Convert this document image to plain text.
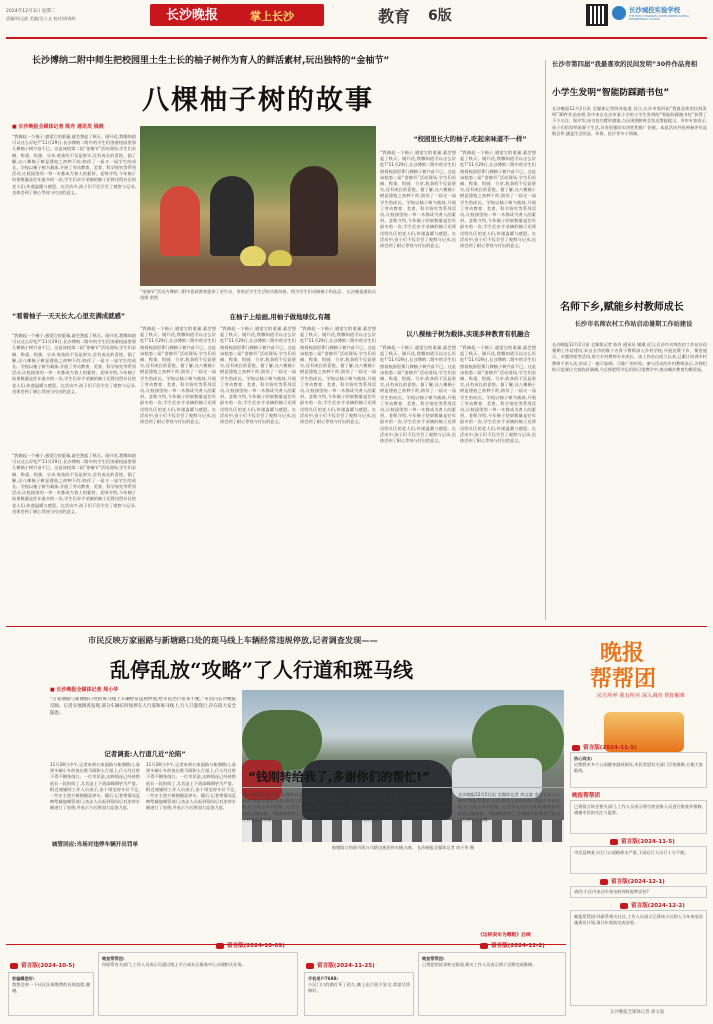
2024年12月3日 星期二
责编/胡文波 美编/吴立文 校对/周春晖	长沙晚报	掌上长沙	教育 6版	长沙城投实验学校
THE FIRST CHANGSHA STATE-OWNED CAPITAL EXPERIMENTAL SCHOOL
长沙博纳二附中师生把校园里土生土长的柚子树作为育人的鲜活素材,玩出独特的“金柚节”
八棵柚子树的故事
■ 长沙晚报全媒体记者 陈舟 通讯员 钱维
“我摘起一个柚子,感觉它的重量,就会想起了秋天。刚开花,我哪知道可以这么好吃?”11月29日,长沙博纳二附中的学生们围着校园里那几棵柚子树兴奋不已。这是该校第二届“金柚节”活动现场,学生们采摘、称重、绘画、分享,收获的不仅是果实,还有成长的喜悦。据了解,这八棵柚子树是建校之初种下的,陪伴了一届又一届学生的成长。学校以柚子树为载体,开展了劳动教育、美育、科学探究等系列活动,让校园里的一草一木都成为育人的素材。老师介绍,今年柚子结果数量是往年最多的一次,学生们亲手采摘的柚子还将送给社区的老人们,传递温暖与感恩。在活动中,孩子们不仅学会了观察与记录,也体会到了耐心等待与付出的意义。
“看着柚子一天天长大,心里充满成就感”
“我摘起一个柚子,感觉它的重量,就会想起了秋天。刚开花,我哪知道可以这么好吃?”11月29日,长沙博纳二附中的学生们围着校园里那几棵柚子树兴奋不已。这是该校第二届“金柚节”活动现场,学生们采摘、称重、绘画、分享,收获的不仅是果实,还有成长的喜悦。据了解,这八棵柚子树是建校之初种下的,陪伴了一届又一届学生的成长。学校以柚子树为载体,开展了劳动教育、美育、科学探究等系列活动,让校园里的一草一木都成为育人的素材。老师介绍,今年柚子结果数量是往年最多的一次,学生们亲手采摘的柚子还将送给社区的老人们,传递温暖与感恩。在活动中,孩子们不仅学会了观察与记录,也体会到了耐心等待与付出的意义。
“我摘起一个柚子,感觉它的重量,就会想起了秋天。刚开花,我哪知道可以这么好吃?”11月29日,长沙博纳二附中的学生们围着校园里那几棵柚子树兴奋不已。这是该校第二届“金柚节”活动现场,学生们采摘、称重、绘画、分享,收获的不仅是果实,还有成长的喜悦。据了解,这八棵柚子树是建校之初种下的,陪伴了一届又一届学生的成长。学校以柚子树为载体,开展了劳动教育、美育、科学探究等系列活动,让校园里的一草一木都成为育人的素材。老师介绍,今年柚子结果数量是往年最多的一次,学生们亲手采摘的柚子还将送给社区的老人们,传递温暖与感恩。在活动中,孩子们不仅学会了观察与记录,也体会到了耐心等待与付出的意义。
“金柚节”活动为博纳二附中思政教育提供了更生动、更贴近学生生活的实践场景。图为学生们采摘柚子和品尝。 长沙晚报通讯员 钱维 供图
在柚子上绘画,用柚子做地球仪,有趣
“我摘起一个柚子,感觉它的重量,就会想起了秋天。刚开花,我哪知道可以这么好吃?”11月29日,长沙博纳二附中的学生们围着校园里那几棵柚子树兴奋不已。这是该校第二届“金柚节”活动现场,学生们采摘、称重、绘画、分享,收获的不仅是果实,还有成长的喜悦。据了解,这八棵柚子树是建校之初种下的,陪伴了一届又一届学生的成长。学校以柚子树为载体,开展了劳动教育、美育、科学探究等系列活动,让校园里的一草一木都成为育人的素材。老师介绍,今年柚子结果数量是往年最多的一次,学生们亲手采摘的柚子还将送给社区的老人们,传递温暖与感恩。在活动中,孩子们不仅学会了观察与记录,也体会到了耐心等待与付出的意义。
“我摘起一个柚子,感觉它的重量,就会想起了秋天。刚开花,我哪知道可以这么好吃?”11月29日,长沙博纳二附中的学生们围着校园里那几棵柚子树兴奋不已。这是该校第二届“金柚节”活动现场,学生们采摘、称重、绘画、分享,收获的不仅是果实,还有成长的喜悦。据了解,这八棵柚子树是建校之初种下的,陪伴了一届又一届学生的成长。学校以柚子树为载体,开展了劳动教育、美育、科学探究等系列活动,让校园里的一草一木都成为育人的素材。老师介绍,今年柚子结果数量是往年最多的一次,学生们亲手采摘的柚子还将送给社区的老人们,传递温暖与感恩。在活动中,孩子们不仅学会了观察与记录,也体会到了耐心等待与付出的意义。
“我摘起一个柚子,感觉它的重量,就会想起了秋天。刚开花,我哪知道可以这么好吃?”11月29日,长沙博纳二附中的学生们围着校园里那几棵柚子树兴奋不已。这是该校第二届“金柚节”活动现场,学生们采摘、称重、绘画、分享,收获的不仅是果实,还有成长的喜悦。据了解,这八棵柚子树是建校之初种下的,陪伴了一届又一届学生的成长。学校以柚子树为载体,开展了劳动教育、美育、科学探究等系列活动,让校园里的一草一木都成为育人的素材。老师介绍,今年柚子结果数量是往年最多的一次,学生们亲手采摘的柚子还将送给社区的老人们,传递温暖与感恩。在活动中,孩子们不仅学会了观察与记录,也体会到了耐心等待与付出的意义。
“校园里长大的柚子,吃起来味道不一样”
“我摘起一个柚子,感觉它的重量,就会想起了秋天。刚开花,我哪知道可以这么好吃?”11月29日,长沙博纳二附中的学生们围着校园里那几棵柚子树兴奋不已。这是该校第二届“金柚节”活动现场,学生们采摘、称重、绘画、分享,收获的不仅是果实,还有成长的喜悦。据了解,这八棵柚子树是建校之初种下的,陪伴了一届又一届学生的成长。学校以柚子树为载体,开展了劳动教育、美育、科学探究等系列活动,让校园里的一草一木都成为育人的素材。老师介绍,今年柚子结果数量是往年最多的一次,学生们亲手采摘的柚子还将送给社区的老人们,传递温暖与感恩。在活动中,孩子们不仅学会了观察与记录,也体会到了耐心等待与付出的意义。
“我摘起一个柚子,感觉它的重量,就会想起了秋天。刚开花,我哪知道可以这么好吃?”11月29日,长沙博纳二附中的学生们围着校园里那几棵柚子树兴奋不已。这是该校第二届“金柚节”活动现场,学生们采摘、称重、绘画、分享,收获的不仅是果实,还有成长的喜悦。据了解,这八棵柚子树是建校之初种下的,陪伴了一届又一届学生的成长。学校以柚子树为载体,开展了劳动教育、美育、科学探究等系列活动,让校园里的一草一木都成为育人的素材。老师介绍,今年柚子结果数量是往年最多的一次,学生们亲手采摘的柚子还将送给社区的老人们,传递温暖与感恩。在活动中,孩子们不仅学会了观察与记录,也体会到了耐心等待与付出的意义。
以八棵柚子树为载体,实现多种教育有机融合
“我摘起一个柚子,感觉它的重量,就会想起了秋天。刚开花,我哪知道可以这么好吃?”11月29日,长沙博纳二附中的学生们围着校园里那几棵柚子树兴奋不已。这是该校第二届“金柚节”活动现场,学生们采摘、称重、绘画、分享,收获的不仅是果实,还有成长的喜悦。据了解,这八棵柚子树是建校之初种下的,陪伴了一届又一届学生的成长。学校以柚子树为载体,开展了劳动教育、美育、科学探究等系列活动,让校园里的一草一木都成为育人的素材。老师介绍,今年柚子结果数量是往年最多的一次,学生们亲手采摘的柚子还将送给社区的老人们,传递温暖与感恩。在活动中,孩子们不仅学会了观察与记录,也体会到了耐心等待与付出的意义。
“我摘起一个柚子,感觉它的重量,就会想起了秋天。刚开花,我哪知道可以这么好吃?”11月29日,长沙博纳二附中的学生们围着校园里那几棵柚子树兴奋不已。这是该校第二届“金柚节”活动现场,学生们采摘、称重、绘画、分享,收获的不仅是果实,还有成长的喜悦。据了解,这八棵柚子树是建校之初种下的,陪伴了一届又一届学生的成长。学校以柚子树为载体,开展了劳动教育、美育、科学探究等系列活动,让校园里的一草一木都成为育人的素材。老师介绍,今年柚子结果数量是往年最多的一次,学生们亲手采摘的柚子还将送给社区的老人们,传递温暖与感恩。在活动中,孩子们不仅学会了观察与记录,也体会到了耐心等待与付出的意义。
长沙市第四届“我最喜欢的民间发明”30件作品亮相
小学生发明“智能防踩踏书包”
长沙晚报12月2日讯 全媒体记者陈舟报道 近日,长沙市第四届“我最喜欢的民间发明”30件作品亮相,其中来自长沙市某小学的小学生发明的“智能防踩踏书包”获得了不少关注。据介绍,该书包内置传感器,当出现拥挤时会发出警报提示。评审专家表示,孩子们的发明来源于生活,具有很强的实用性和推广价值。本届活动共收到参评作品数百件,涵盖生活用品、环保、医疗等多个领域。
名师下乡,赋能乡村教师成长
长沙市名师农村工作站启动暑期工作站建设
长沙晚报12月2日讯 全媒体记者 陈舟 通讯员 谢湘 近日,长沙市名师农村工作站启动暑期工作站建设,来自全市的数十名骨干教师深入乡村学校,开展送教下乡、课堂展示、专题讲座等活动,助力乡村教师专业成长。该工作站自成立以来,已累计培训乡村教师千余人次,形成了一批可复制、可推广的经验。参与活动的乡村教师表示,名师们的示范课让大家收获满满,今后将把所学运用到日常教学中,推动城乡教育均衡发展。
市民反映万家丽路与新塘路口处的斑马线上车辆经常违规停放,记者调查发现——
乱停乱放“攻略”了人行道和斑马线
■ 长沙晚报全媒体记者 周小华
“万家丽路与新塘路口处的斑马线上车辆经常违规停放,给市民出行带来不便。”市民向长沙晚报反映。记者实地调查发现,部分车辆长时间停在人行道和斑马线上,行人只能绕行,存在较大安全隐患。
记者调查:人行道几近“沦陷”
11月28日中午,记者来到万家丽路与新塘路口,看到多辆小车停放在斑马线和人行道上,行人经过时不得不侧身绕行。一位市民说,这种情况已经持续很长一段时间了,尤其是上下班高峰期更为严重。附近商铺的工作人员表示,由于周边停车位不足,一些车主图方便便随意停车。随后,记者将情况反映给属地城管部门,执法人员赶到现场后对违停车辆进行了处理,并表示今后将加大巡查力度。
11月28日中午,记者来到万家丽路与新塘路口,看到多辆小车停放在斑马线和人行道上,行人经过时不得不侧身绕行。一位市民说,这种情况已经持续很长一段时间了,尤其是上下班高峰期更为严重。附近商铺的工作人员表示,由于周边停车位不足,一些车主图方便便随意停车。随后,记者将情况反映给属地城管部门,执法人员赶到现场后对违停车辆进行了处理,并表示今后将加大巡查力度。
城管回应:当场对违停车辆开出罚单	新塘路口的斑马线与马路边被违停车辆占满。 长沙晚报全媒体记者 周小华 摄
“钱刚转给我了,多谢你们的帮忙!”
长沙晚报12月2日讯 全媒体记者 胡文波 市民张女士日前向“晚报帮帮团”求助,称其在某商家购买商品后申请退款,对方迟迟未予处理。记者介入后多方联系,商家最终同意全额退款。“钱刚转给我了,多谢你们的帮忙!”张女士打来电话致谢。
长沙晚报12月2日讯 全媒体记者 胡文波 市民张女士日前向“晚报帮帮团”求助,称其在某商家购买商品后申请退款,对方迟迟未予处理。记者介入后多方联系,商家最终同意全额退款。“钱刚转给我了,多谢你们的帮忙!”张女士打来电话致谢。
长沙晚报12月2日讯 全媒体记者 胡文波 市民张女士日前向“晚报帮帮团”求助,称其在某商家购买商品后申请退款,对方迟迟未予处理。记者介入后多方联系,商家最终同意全额退款。“钱刚转给我了,多谢你们的帮忙!”张女士打来电话致谢。
《这样卖车为哪般》后续
晚报
帮帮团
民有所呼 我有所应 深入调查 帮你解难
留言版(2024-11-5)
热心网友:
近期我市多个公园健身器材损坏,市民希望有关部门尽快维修,方便大家锻炼。
晚报帮帮团
已将留言转至相关部门,工作人员表示将尽快安排人员进行排查并维修,感谢市民的关注与监督。
留言版(2024-11-5)
市民反映某小区门口道路积水严重,下雨后行人出行十分不便。
留言版(2024-12-1)
请问:小区内电动车充电桩何时能够安装?
留言版(2024-12-2)
晚报帮帮团:经联系相关社区,工作人员表示已将该小区纳入今年充电设施建设计划,预计年底前完成安装。
留言版(2024-10-5)
家编辑您好:
我想咨询一下社区医保缴费的具体流程,谢谢。
留言版(2024-10-09)
晚报帮帮团:
经联系有关部门,工作人员表示可通过线上平台或社区服务中心办理相关业务。	留言版(2024-11-25)
手机用户7688:
小区门口的路灯坏了很久,晚上出行很不安全,希望尽快修好。
留言版(2024-12-2)
晚报帮帮团:
已将您的诉求转交街道,相关工作人员表示将于近期完成维修。
长沙晚报全媒体记者 胡文波
